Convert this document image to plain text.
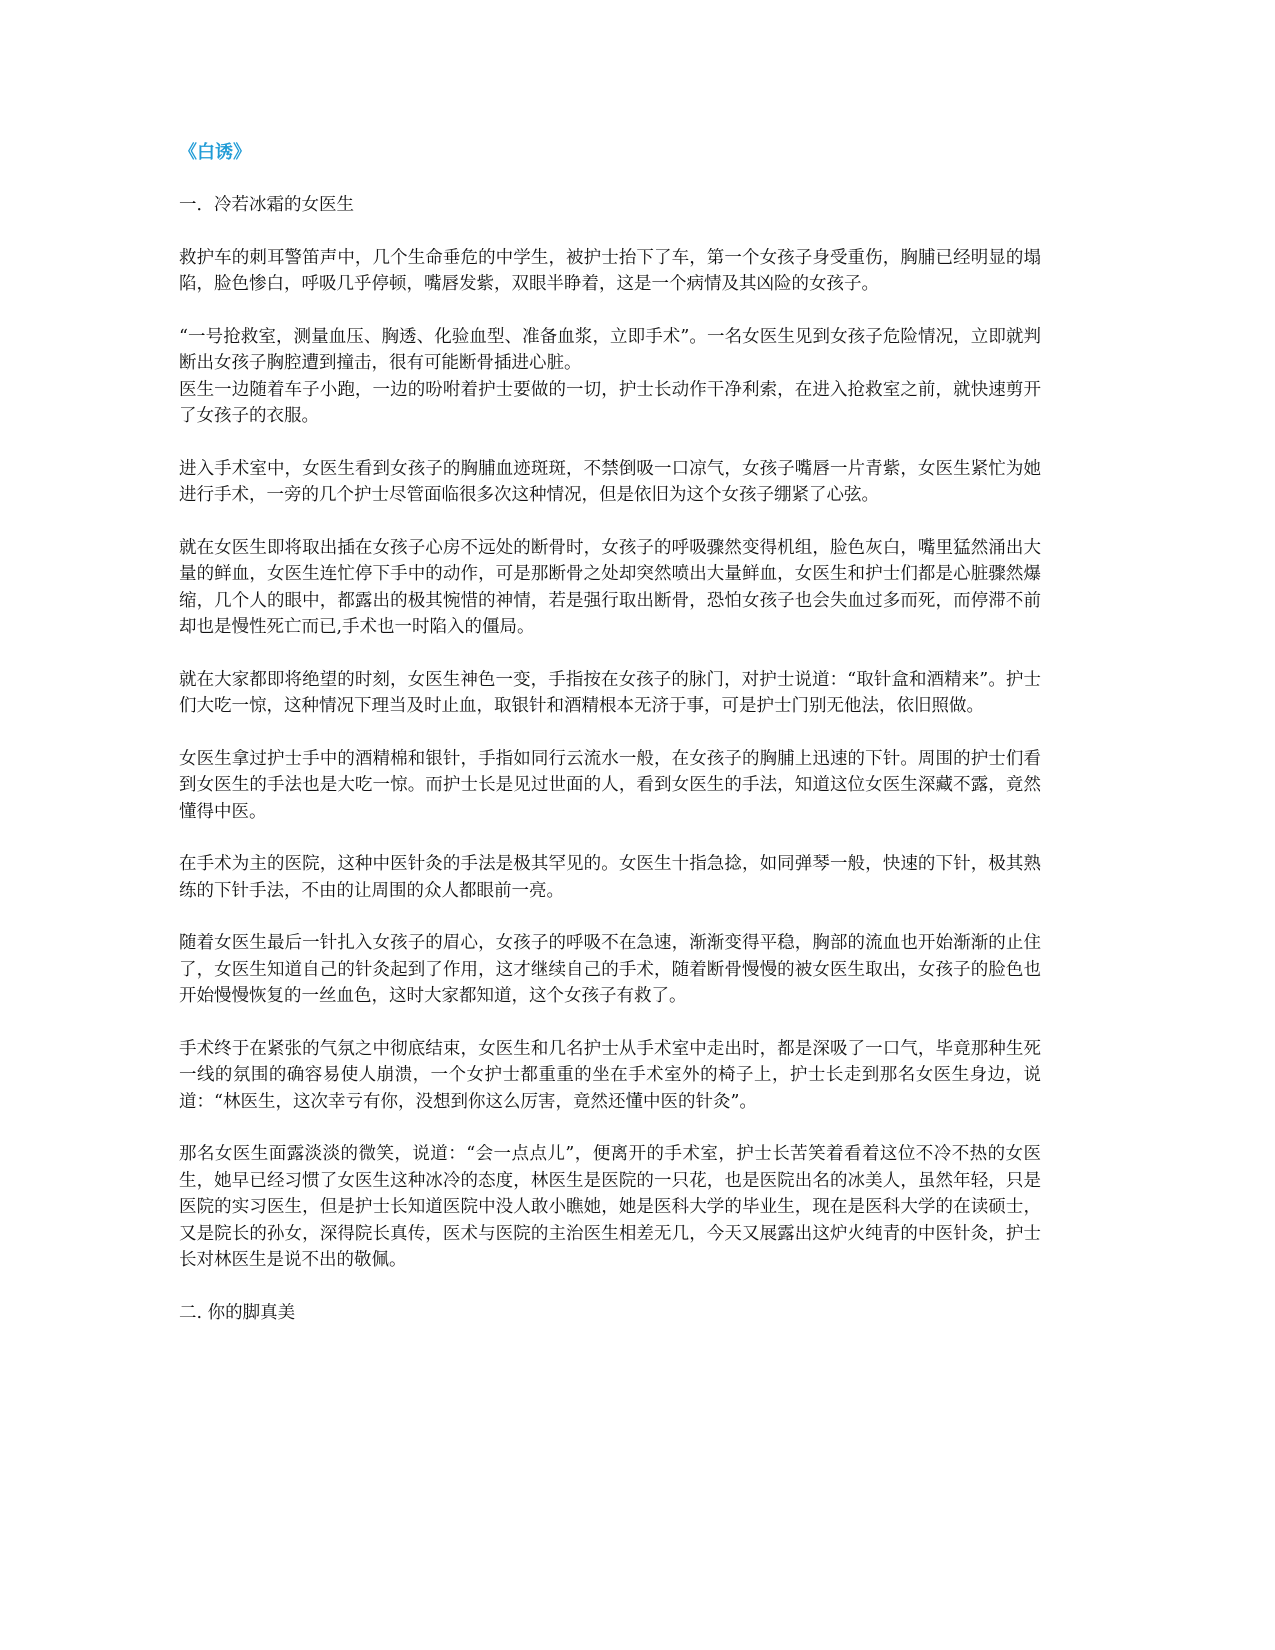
《白诱》
一．冷若冰霜的女医生

救护车的刺耳警笛声中，几个生命垂危的中学生，被护士抬下了车，第一个女孩子身受重伤，胸脯已经明显的塌陷，脸色惨白，呼吸几乎停顿，嘴唇发紫，双眼半睁着，这是一个病情及其凶险的女孩子。

“一号抢救室，测量血压、胸透、化验血型、准备血浆，立即手术”。一名女医生见到女孩子危险情况，立即就判断出女孩子胸腔遭到撞击，很有可能断骨插进心脏。

医生一边随着车子小跑，一边的吩咐着护士要做的一切，护士长动作干净利索，在进入抢救室之前，就快速剪开了女孩子的衣服。

进入手术室中，女医生看到女孩子的胸脯血迹斑斑，不禁倒吸一口凉气，女孩子嘴唇一片青紫，女医生紧忙为她进行手术，一旁的几个护士尽管面临很多次这种情况，但是依旧为这个女孩子绷紧了心弦。

就在女医生即将取出插在女孩子心房不远处的断骨时，女孩子的呼吸骤然变得机组，脸色灰白，嘴里猛然涌出大量的鲜血，女医生连忙停下手中的动作，可是那断骨之处却突然喷出大量鲜血，女医生和护士们都是心脏骤然爆缩，几个人的眼中，都露出的极其惋惜的神情，若是强行取出断骨，恐怕女孩子也会失血过多而死，而停滞不前却也是慢性死亡而已,手术也一时陷入的僵局。

就在大家都即将绝望的时刻，女医生神色一变，手指按在女孩子的脉门，对护士说道：“取针盒和酒精来”。护士们大吃一惊，这种情况下理当及时止血，取银针和酒精根本无济于事，可是护士门别无他法，依旧照做。

女医生拿过护士手中的酒精棉和银针，手指如同行云流水一般，在女孩子的胸脯上迅速的下针。周围的护士们看到女医生的手法也是大吃一惊。而护士长是见过世面的人，看到女医生的手法，知道这位女医生深藏不露，竟然懂得中医。

在手术为主的医院，这种中医针灸的手法是极其罕见的。女医生十指急捻，如同弹琴一般，快速的下针，极其熟练的下针手法，不由的让周围的众人都眼前一亮。

随着女医生最后一针扎入女孩子的眉心，女孩子的呼吸不在急速，渐渐变得平稳，胸部的流血也开始渐渐的止住了，女医生知道自己的针灸起到了作用，这才继续自己的手术，随着断骨慢慢的被女医生取出，女孩子的脸色也开始慢慢恢复的一丝血色，这时大家都知道，这个女孩子有救了。

手术终于在紧张的气氛之中彻底结束，女医生和几名护士从手术室中走出时，都是深吸了一口气，毕竟那种生死一线的氛围的确容易使人崩溃，一个女护士都重重的坐在手术室外的椅子上，护士长走到那名女医生身边，说道：“林医生，这次幸亏有你，没想到你这么厉害，竟然还懂中医的针灸”。

那名女医生面露淡淡的微笑，说道：“会一点点儿”，便离开的手术室，护士长苦笑着看着这位不冷不热的女医生，她早已经习惯了女医生这种冰冷的态度，林医生是医院的一只花，也是医院出名的冰美人，虽然年轻，只是医院的实习医生，但是护士长知道医院中没人敢小瞧她，她是医科大学的毕业生，现在是医科大学的在读硕士，又是院长的孙女，深得院长真传，医术与医院的主治医生相差无几，今天又展露出这炉火纯青的中医针灸，护士长对林医生是说不出的敬佩。

二. 你的脚真美
